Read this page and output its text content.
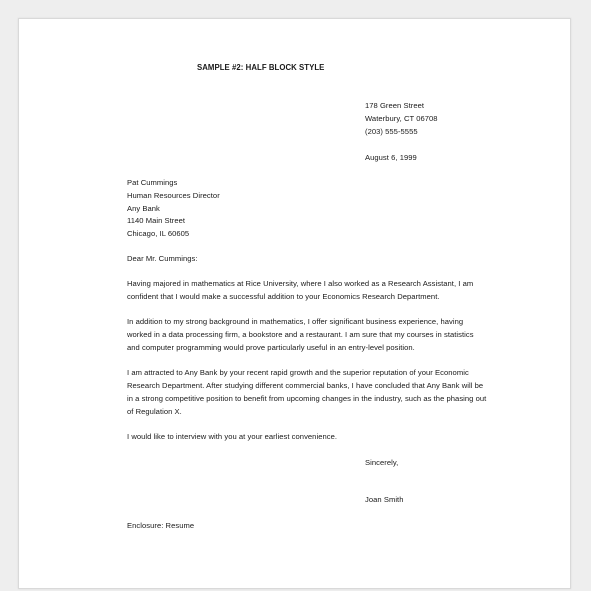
SAMPLE #2: HALF BLOCK STYLE
178 Green Street
Waterbury, CT 06708
(203) 555-5555
August 6, 1999
Pat Cummings
Human Resources Director
Any Bank
1140 Main Street
Chicago, IL 60605
Dear Mr. Cummings:
Having majored in mathematics at Rice University, where I also worked as a Research Assistant, I am
confident that I would make a successful addition to your Economics Research Department.
In addition to my strong background in mathematics, I offer significant business experience, having
worked in a data processing firm, a bookstore and a restaurant. I am sure that my courses in statistics
and computer programming would prove particularly useful in an entry-level position.
I am attracted to Any Bank by your recent rapid growth and the superior reputation of your Economic
Research Department. After studying different commercial banks, I have concluded that Any Bank will be
in a strong competitive position to benefit from upcoming changes in the industry, such as the phasing out
of Regulation X.
I would like to interview with you at your earliest convenience.
Sincerely,
Joan Smith
Enclosure: Resume
